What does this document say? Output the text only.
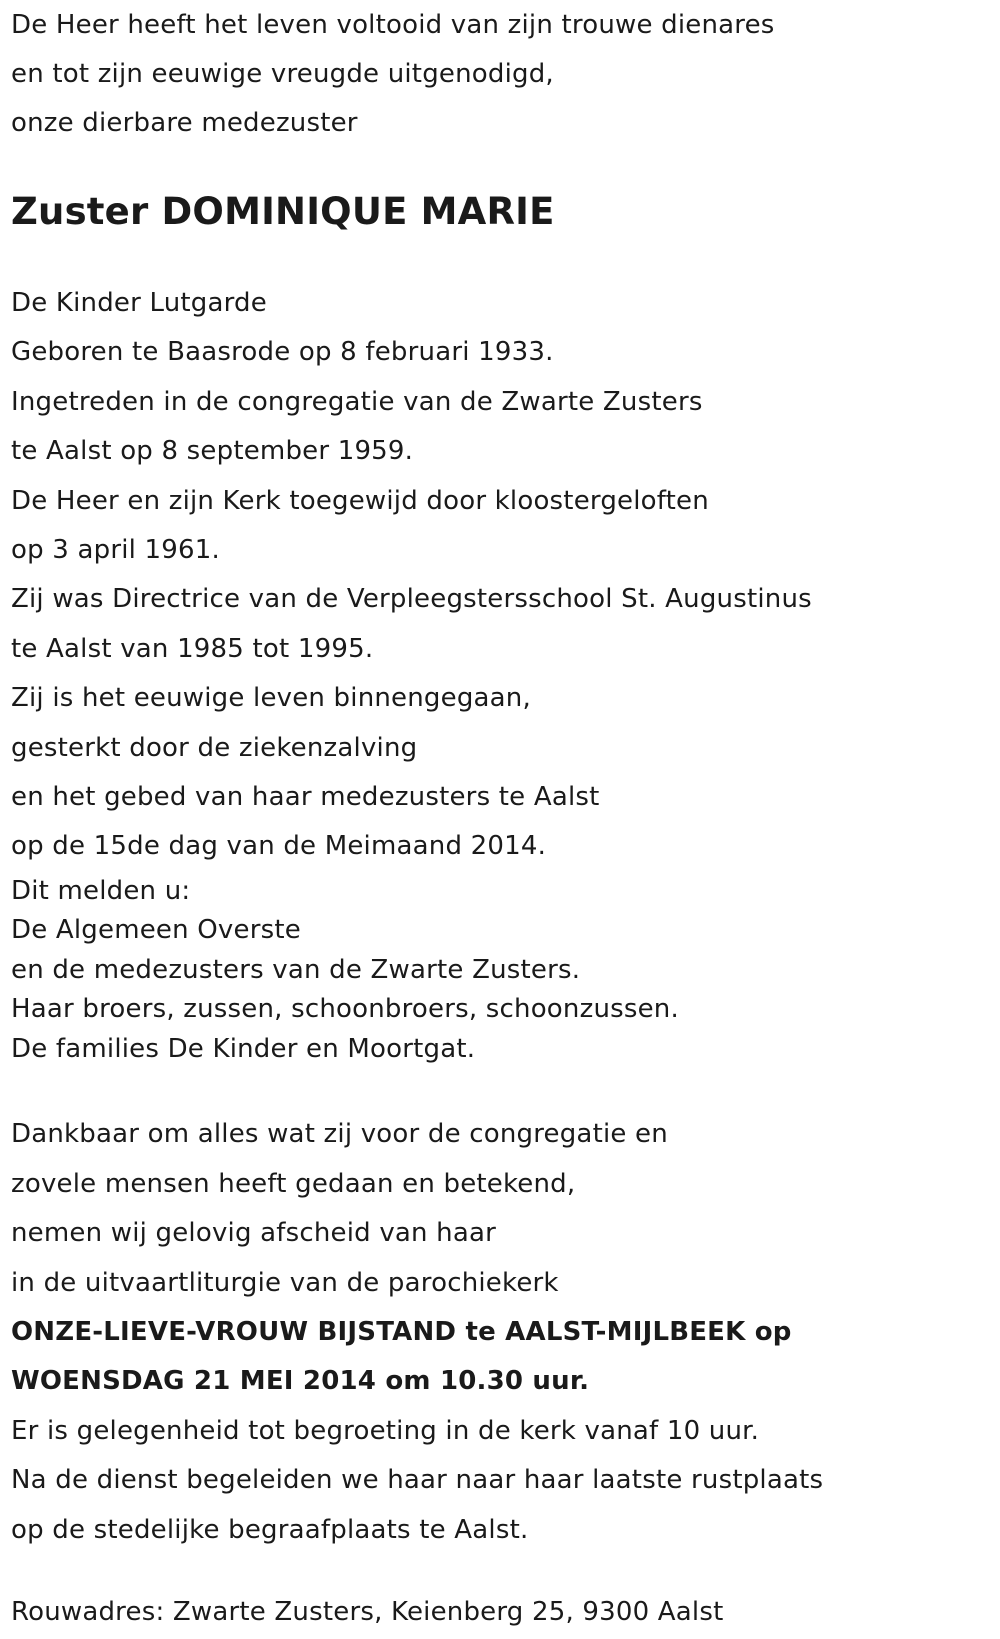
De Heer heeft het leven voltooid van zijn trouwe dienares
en tot zijn eeuwige vreugde uitgenodigd,
onze dierbare medezuster
Zuster DOMINIQUE MARIE
De Kinder Lutgarde
Geboren te Baasrode op 8 februari 1933.
Ingetreden in de congregatie van de Zwarte Zusters
te Aalst op 8 september 1959.
De Heer en zijn Kerk toegewijd door kloostergeloften
op 3 april 1961.
Zij was Directrice van de Verpleegstersschool St. Augustinus
te Aalst van 1985 tot 1995.
Zij is het eeuwige leven binnengegaan,
gesterkt door de ziekenzalving
en het gebed van haar medezusters te Aalst
op de 15de dag van de Meimaand 2014.
Dit melden u:
De Algemeen Overste
en de medezusters van de Zwarte Zusters.
Haar broers, zussen, schoonbroers, schoonzussen.
De families De Kinder en Moortgat.
Dankbaar om alles wat zij voor de congregatie en
zovele mensen heeft gedaan en betekend,
nemen wij gelovig afscheid van haar
in de uitvaartliturgie van de parochiekerk
ONZE-LIEVE-VROUW BIJSTAND te AALST-MIJLBEEK op
WOENSDAG 21 MEI 2014 om 10.30 uur.
Er is gelegenheid tot begroeting in de kerk vanaf 10 uur.
Na de dienst begeleiden we haar naar haar laatste rustplaats
op de stedelijke begraafplaats te Aalst.
Rouwadres: Zwarte Zusters, Keienberg 25, 9300 Aalst
